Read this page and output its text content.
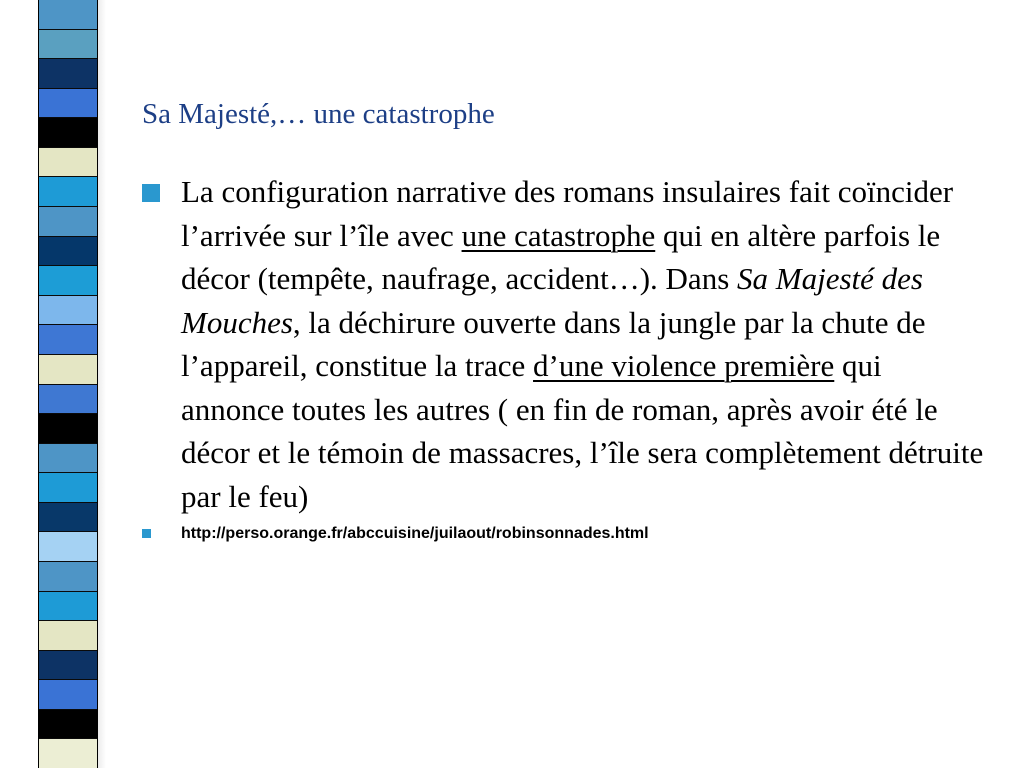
Sa Majesté,… une catastrophe
La configuration narrative des romans insulaires fait coïncider l’arrivée sur l’île avec une catastrophe qui en altère parfois le décor (tempête, naufrage, accident…). Dans Sa Majesté des Mouches, la déchirure ouverte dans la jungle par la chute de l’appareil, constitue la trace d’une violence première qui annonce toutes les autres ( en fin de roman, après avoir été le décor et le témoin de massacres, l’île sera complètement détruite par le feu)
http://perso.orange.fr/abccuisine/juilaout/robinsonnades.html
